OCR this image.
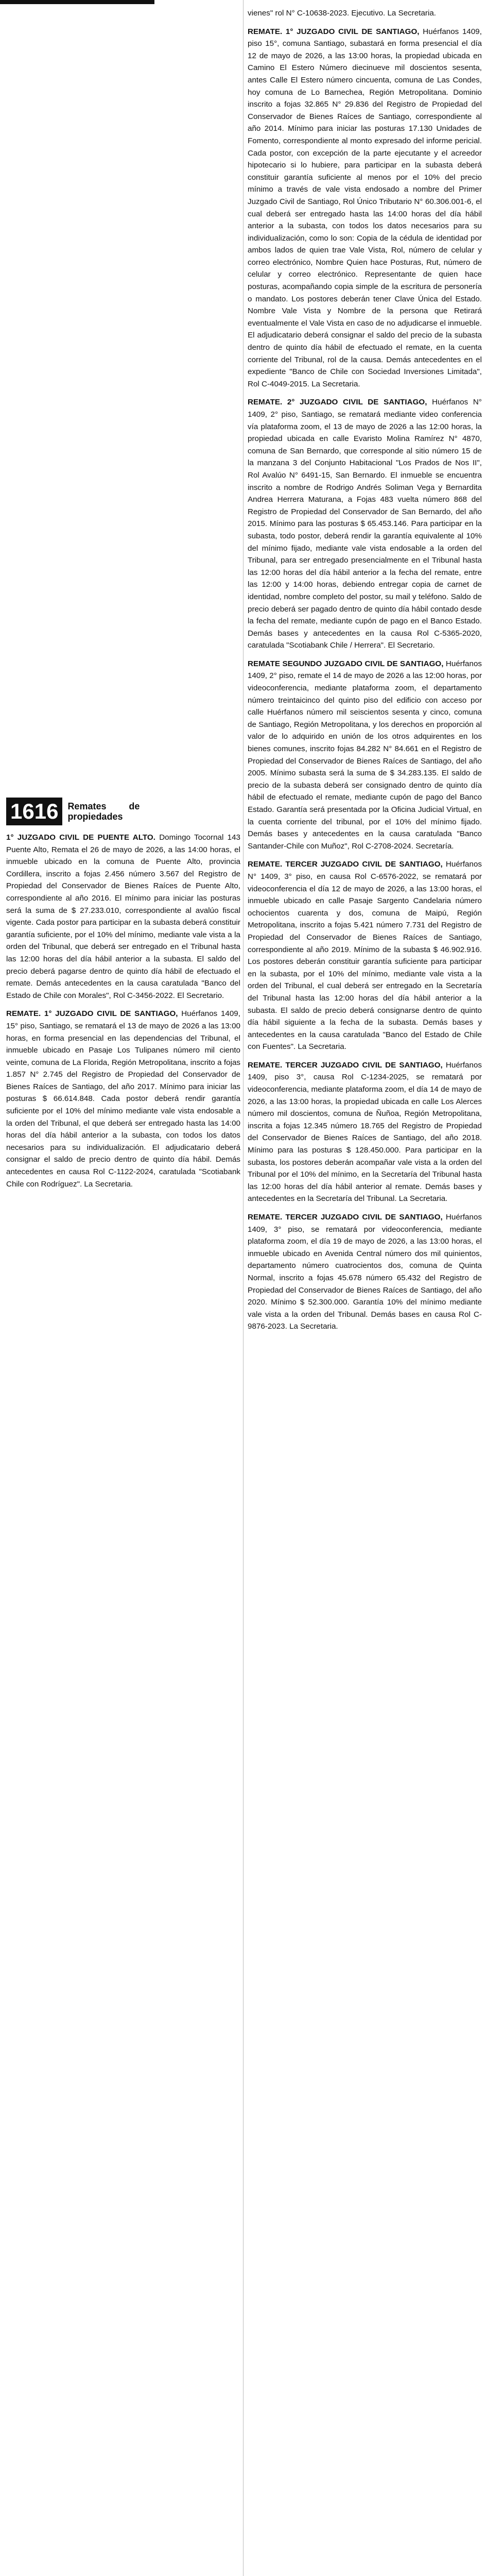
1616	Remates de propiedades

1° JUZGADO CIVIL DE PUENTE ALTO. Domingo Tocornal 143 Puente Alto, Remata el 26 de mayo de 2026, a las 14:00 horas, el inmueble ubicado en la comuna de Puente Alto, provincia Cordillera, inscrito a fojas 2.456 número 3.567 del Registro de Propiedad del Conservador de Bienes Raíces de Puente Alto, correspondiente al año 2016. El mínimo para iniciar las posturas será la suma de $ 27.233.010, correspondiente al avalúo fiscal vigente. Cada postor para participar en la subasta deberá constituir garantía suficiente, por el 10% del mínimo, mediante vale vista a la orden del Tribunal, que deberá ser entregado en el Tribunal hasta las 12:00 horas del día hábil anterior a la subasta. El saldo del precio deberá pagarse dentro de quinto día hábil de efectuado el remate. Demás antecedentes en la causa caratulada "Banco del Estado de Chile con Morales", Rol C-3456-2022. El Secretario.

REMATE. 1° JUZGADO CIVIL DE SANTIAGO, Huérfanos 1409, 15° piso, Santiago, se rematará el 13 de mayo de 2026 a las 13:00 horas, en forma presencial en las dependencias del Tribunal, el inmueble ubicado en Pasaje Los Tulipanes número mil ciento veinte, comuna de La Florida, Región Metropolitana, inscrito a fojas 1.857 N° 2.745 del Registro de Propiedad del Conservador de Bienes Raíces de Santiago, del año 2017. Mínimo para iniciar las posturas $ 66.614.848. Cada postor deberá rendir garantía suficiente por el 10% del mínimo mediante vale vista endosable a la orden del Tribunal, el que deberá ser entregado hasta las 14:00 horas del día hábil anterior a la subasta, con todos los datos necesarios para su individualización. El adjudicatario deberá consignar el saldo de precio dentro de quinto día hábil. Demás antecedentes en causa Rol C-1122-2024, caratulada "Scotiabank Chile con Rodríguez". La Secretaria.

vienes" rol N° C-10638-2023. Ejecutivo. La Secretaria.

REMATE. 1° JUZGADO CIVIL DE SANTIAGO, Huérfanos 1409, piso 15°, comuna Santiago, subastará en forma presencial el día 12 de mayo de 2026, a las 13:00 horas, la propiedad ubicada en Camino El Estero Número diecinueve mil doscientos sesenta, antes Calle El Estero número cincuenta, comuna de Las Condes, hoy comuna de Lo Barnechea, Región Metropolitana. Dominio inscrito a fojas 32.865 N° 29.836 del Registro de Propiedad del Conservador de Bienes Raíces de Santiago, correspondiente al año 2014. Mínimo para iniciar las posturas 17.130 Unidades de Fomento, correspondiente al monto expresado del informe pericial. Cada postor, con excepción de la parte ejecutante y el acreedor hipotecario si lo hubiere, para participar en la subasta deberá constituir garantía suficiente al menos por el 10% del precio mínimo a través de vale vista endosado a nombre del Primer Juzgado Civil de Santiago, Rol Único Tributario N° 60.306.001-6, el cual deberá ser entregado hasta las 14:00 horas del día hábil anterior a la subasta, con todos los datos necesarios para su individualización, como lo son: Copia de la cédula de identidad por ambos lados de quien trae Vale Vista, Rol, número de celular y correo electrónico, Nombre Quien hace Posturas, Rut, número de celular y correo electrónico. Representante de quien hace posturas, acompañando copia simple de la escritura de personería o mandato. Los postores deberán tener Clave Única del Estado. Nombre Vale Vista y Nombre de la persona que Retirará eventualmente el Vale Vista en caso de no adjudicarse el inmueble. El adjudicatario deberá consignar el saldo del precio de la subasta dentro de quinto día hábil de efectuado el remate, en la cuenta corriente del Tribunal, rol de la causa. Demás antecedentes en el expediente "Banco de Chile con Sociedad Inversiones Limitada", Rol C-4049-2015. La Secretaria.

REMATE. 2° JUZGADO CIVIL DE SANTIAGO, Huérfanos N° 1409, 2° piso, Santiago, se rematará mediante video conferencia vía plataforma zoom, el 13 de mayo de 2026 a las 12:00 horas, la propiedad ubicada en calle Evaristo Molina Ramírez N° 4870, comuna de San Bernardo, que corresponde al sitio número 15 de la manzana 3 del Conjunto Habitacional "Los Prados de Nos II", Rol Avalúo N° 6491-15, San Bernardo. El inmueble se encuentra inscrito a nombre de Rodrigo Andrés Soliman Vega y Bernardita Andrea Herrera Maturana, a Fojas 483 vuelta número 868 del Registro de Propiedad del Conservador de San Bernardo, del año 2015. Mínimo para las posturas $ 65.453.146. Para participar en la subasta, todo postor, deberá rendir la garantía equivalente al 10% del mínimo fijado, mediante vale vista endosable a la orden del Tribunal, para ser entregado presencialmente en el Tribunal hasta las 12:00 horas del día hábil anterior a la fecha del remate, entre las 12:00 y 14:00 horas, debiendo entregar copia de carnet de identidad, nombre completo del postor, su mail y teléfono. Saldo de precio deberá ser pagado dentro de quinto día hábil contado desde la fecha del remate, mediante cupón de pago en el Banco Estado. Demás bases y antecedentes en la causa Rol C-5365-2020, caratulada "Scotiabank Chile / Herrera". El Secretario.

REMATE SEGUNDO JUZGADO CIVIL DE SANTIAGO, Huérfanos 1409, 2° piso, remate el 14 de mayo de 2026 a las 12:00 horas, por videoconferencia, mediante plataforma zoom, el departamento número treintaicinco del quinto piso del edificio con acceso por calle Huérfanos número mil seiscientos sesenta y cinco, comuna de Santiago, Región Metropolitana, y los derechos en proporción al valor de lo adquirido en unión de los otros adquirentes en los bienes comunes, inscrito fojas 84.282 N° 84.661 en el Registro de Propiedad del Conservador de Bienes Raíces de Santiago, del año 2005. Mínimo subasta será la suma de $ 34.283.135. El saldo de precio de la subasta deberá ser consignado dentro de quinto día hábil de efectuado el remate, mediante cupón de pago del Banco Estado. Garantía será presentada por la Oficina Judicial Virtual, en la cuenta corriente del tribunal, por el 10% del mínimo fijado. Demás bases y antecedentes en la causa caratulada "Banco Santander-Chile con Muñoz", Rol C-2708-2024. Secretaría.

REMATE. TERCER JUZGADO CIVIL DE SANTIAGO, Huérfanos N° 1409, 3° piso, en causa Rol C-6576-2022, se rematará por videoconferencia el día 12 de mayo de 2026, a las 13:00 horas, el inmueble ubicado en calle Pasaje Sargento Candelaria número ochocientos cuarenta y dos, comuna de Maipú, Región Metropolitana, inscrito a fojas 5.421 número 7.731 del Registro de Propiedad del Conservador de Bienes Raíces de Santiago, correspondiente al año 2019. Mínimo de la subasta $ 46.902.916. Los postores deberán constituir garantía suficiente para participar en la subasta, por el 10% del mínimo, mediante vale vista a la orden del Tribunal, el cual deberá ser entregado en la Secretaría del Tribunal hasta las 12:00 horas del día hábil anterior a la subasta. El saldo de precio deberá consignarse dentro de quinto día hábil siguiente a la fecha de la subasta. Demás bases y antecedentes en la causa caratulada "Banco del Estado de Chile con Fuentes". La Secretaria.

REMATE. TERCER JUZGADO CIVIL DE SANTIAGO, Huérfanos 1409, piso 3°, causa Rol C-1234-2025, se rematará por videoconferencia, mediante plataforma zoom, el día 14 de mayo de 2026, a las 13:00 horas, la propiedad ubicada en calle Los Alerces número mil doscientos, comuna de Ñuñoa, Región Metropolitana, inscrita a fojas 12.345 número 18.765 del Registro de Propiedad del Conservador de Bienes Raíces de Santiago, del año 2018. Mínimo para las posturas $ 128.450.000. Para participar en la subasta, los postores deberán acompañar vale vista a la orden del Tribunal por el 10% del mínimo, en la Secretaría del Tribunal hasta las 12:00 horas del día hábil anterior al remate. Demás bases y antecedentes en la Secretaría del Tribunal. La Secretaria.

REMATE. TERCER JUZGADO CIVIL DE SANTIAGO, Huérfanos 1409, 3° piso, se rematará por videoconferencia, mediante plataforma zoom, el día 19 de mayo de 2026, a las 13:00 horas, el inmueble ubicado en Avenida Central número dos mil quinientos, departamento número cuatrocientos dos, comuna de Quinta Normal, inscrito a fojas 45.678 número 65.432 del Registro de Propiedad del Conservador de Bienes Raíces de Santiago, del año 2020. Mínimo $ 52.300.000. Garantía 10% del mínimo mediante vale vista a la orden del Tribunal. Demás bases en causa Rol C-9876-2023. La Secretaria.
